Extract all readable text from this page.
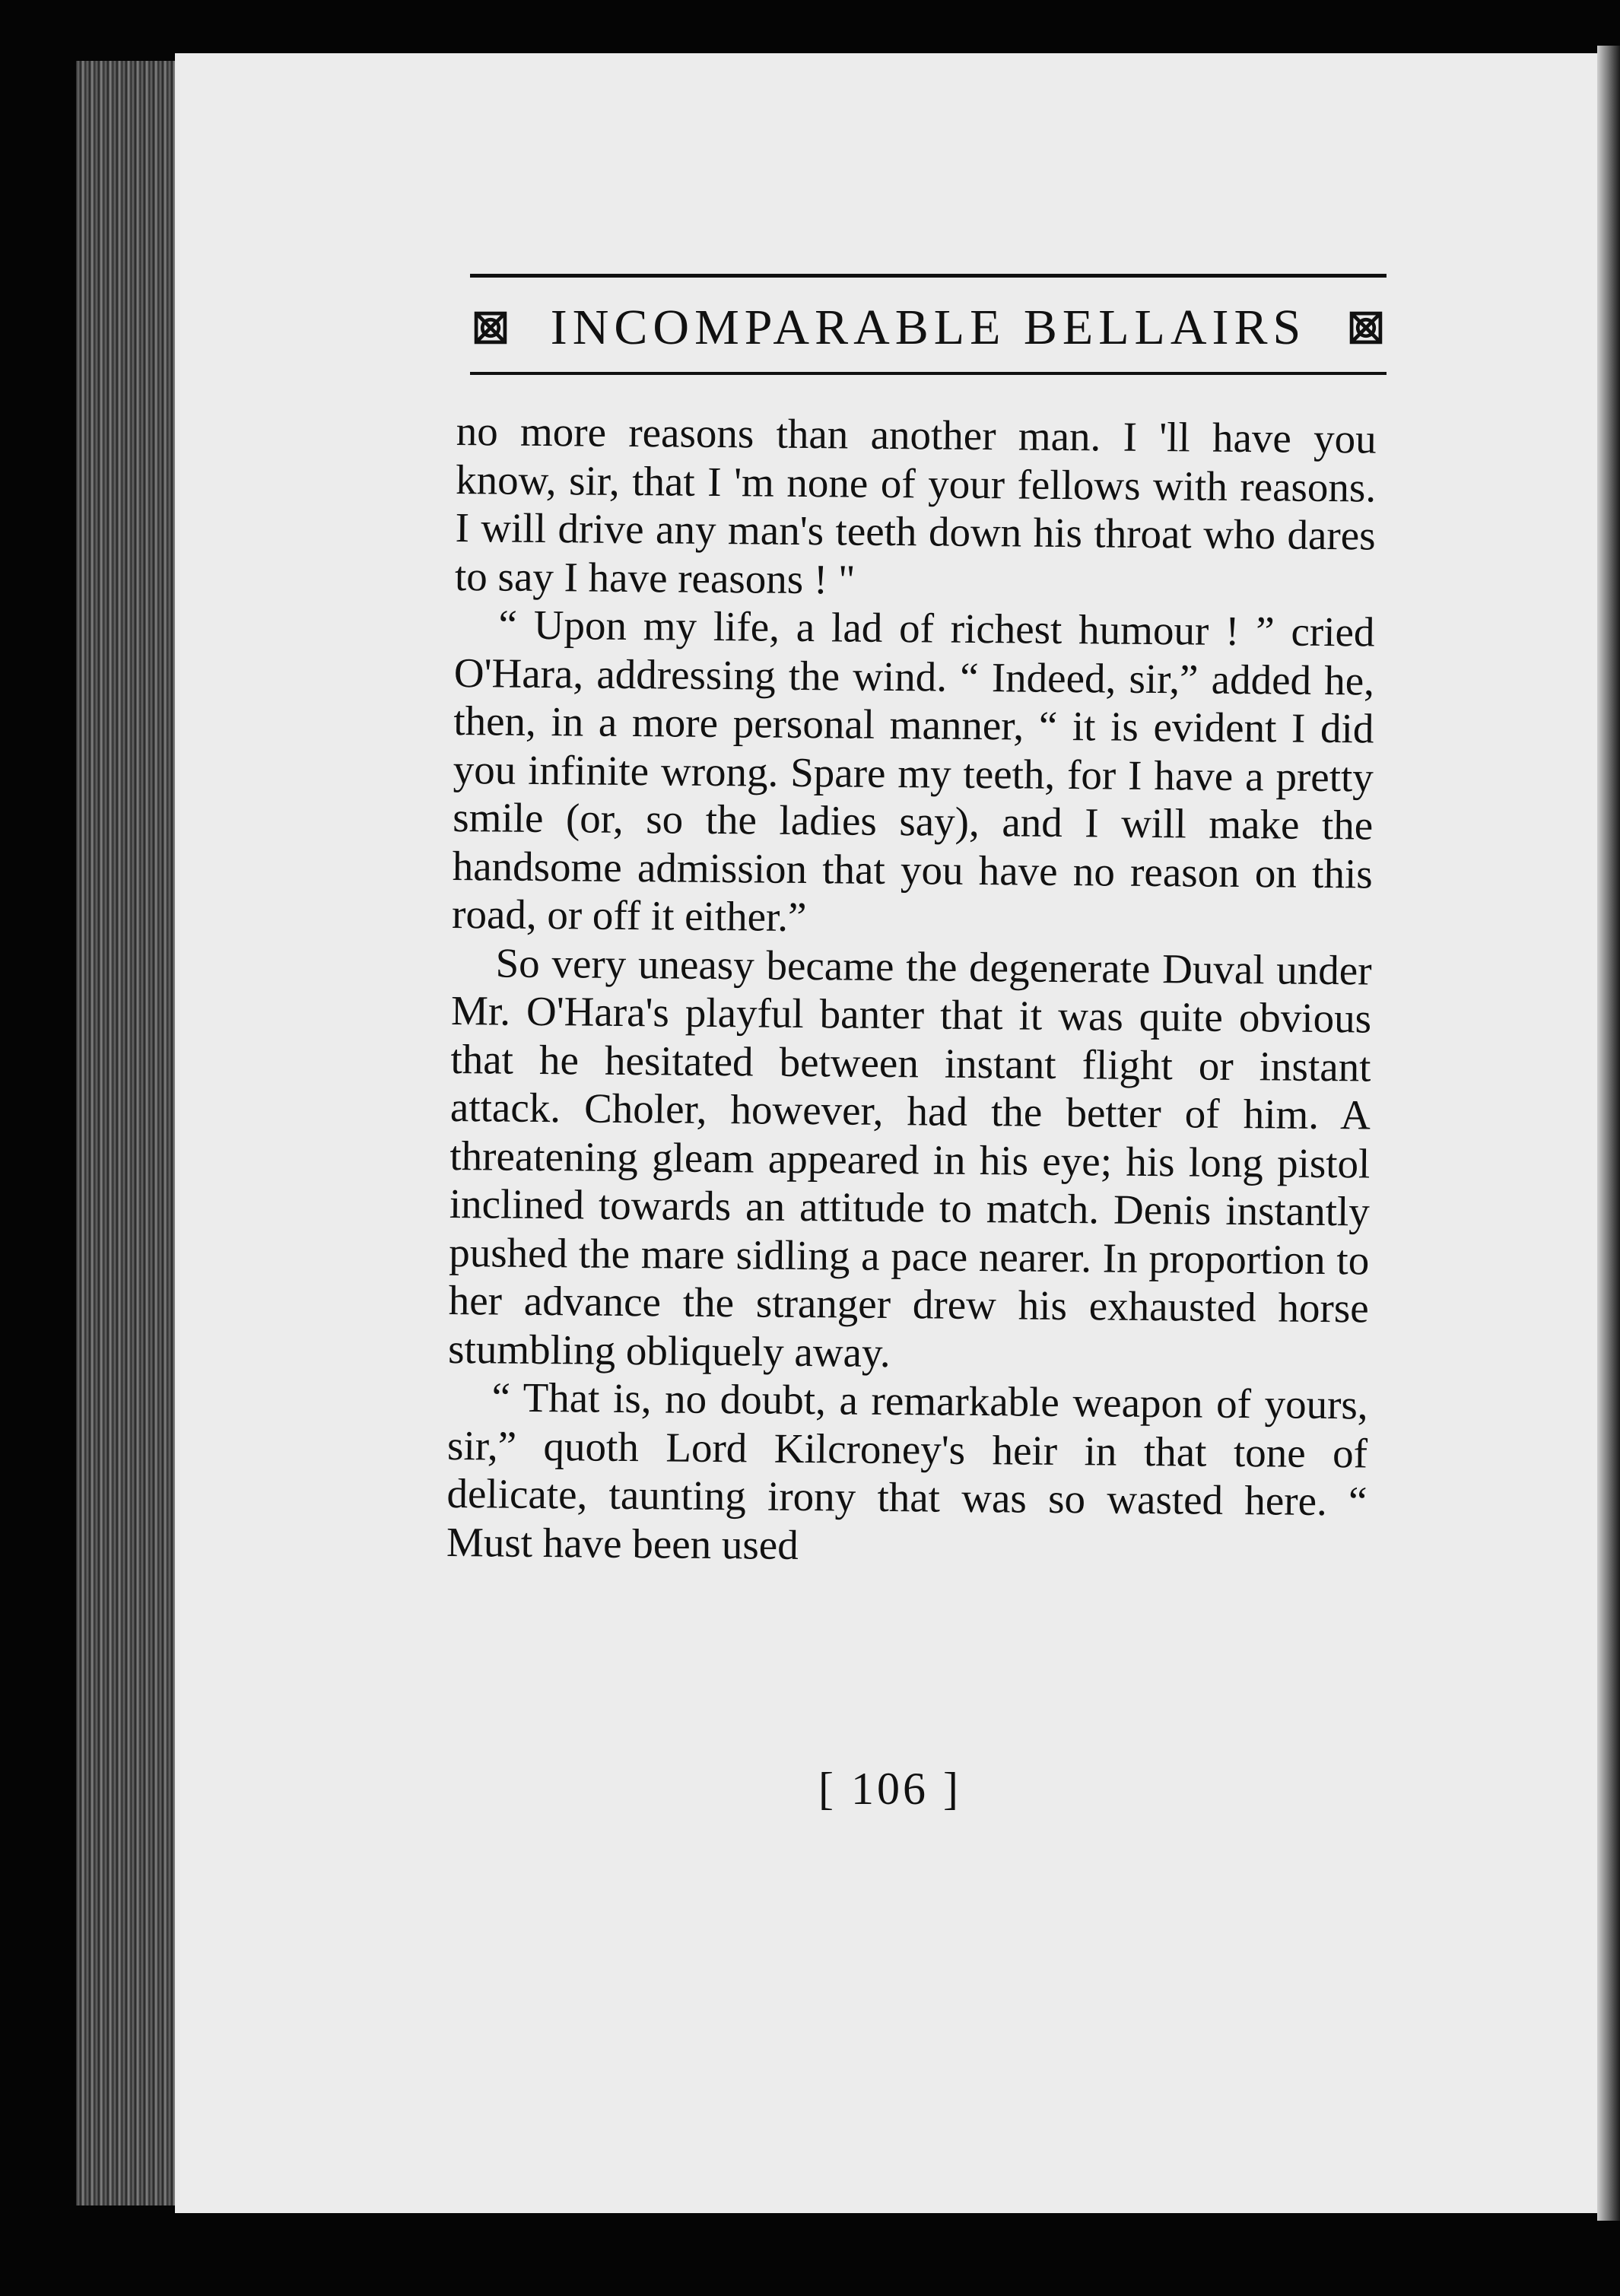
INCOMPARABLE BELLAIRS

no more reasons than another man. I 'll have you know, sir, that I 'm none of your fellows with reasons. I will drive any man's teeth down his throat who dares to say I have reasons ! "

“ Upon my life, a lad of richest humour ! ” cried O'Hara, addressing the wind. “ Indeed, sir,” added he, then, in a more personal manner, “ it is evident I did you infinite wrong. Spare my teeth, for I have a pretty smile (or, so the ladies say), and I will make the handsome admission that you have no reason on this road, or off it either.”

So very uneasy became the degenerate Duval under Mr. O'Hara's playful banter that it was quite obvious that he hesitated between instant flight or instant attack. Choler, however, had the better of him. A threatening gleam appeared in his eye; his long pistol inclined towards an attitude to match. Denis instantly pushed the mare sidling a pace nearer. In proportion to her advance the stranger drew his exhausted horse stumbling obliquely away.

“ That is, no doubt, a remarkable weapon of yours, sir,” quoth Lord Kilcroney's heir in that tone of delicate, taunting irony that was so wasted here. “ Must have been used

[ 106 ]
